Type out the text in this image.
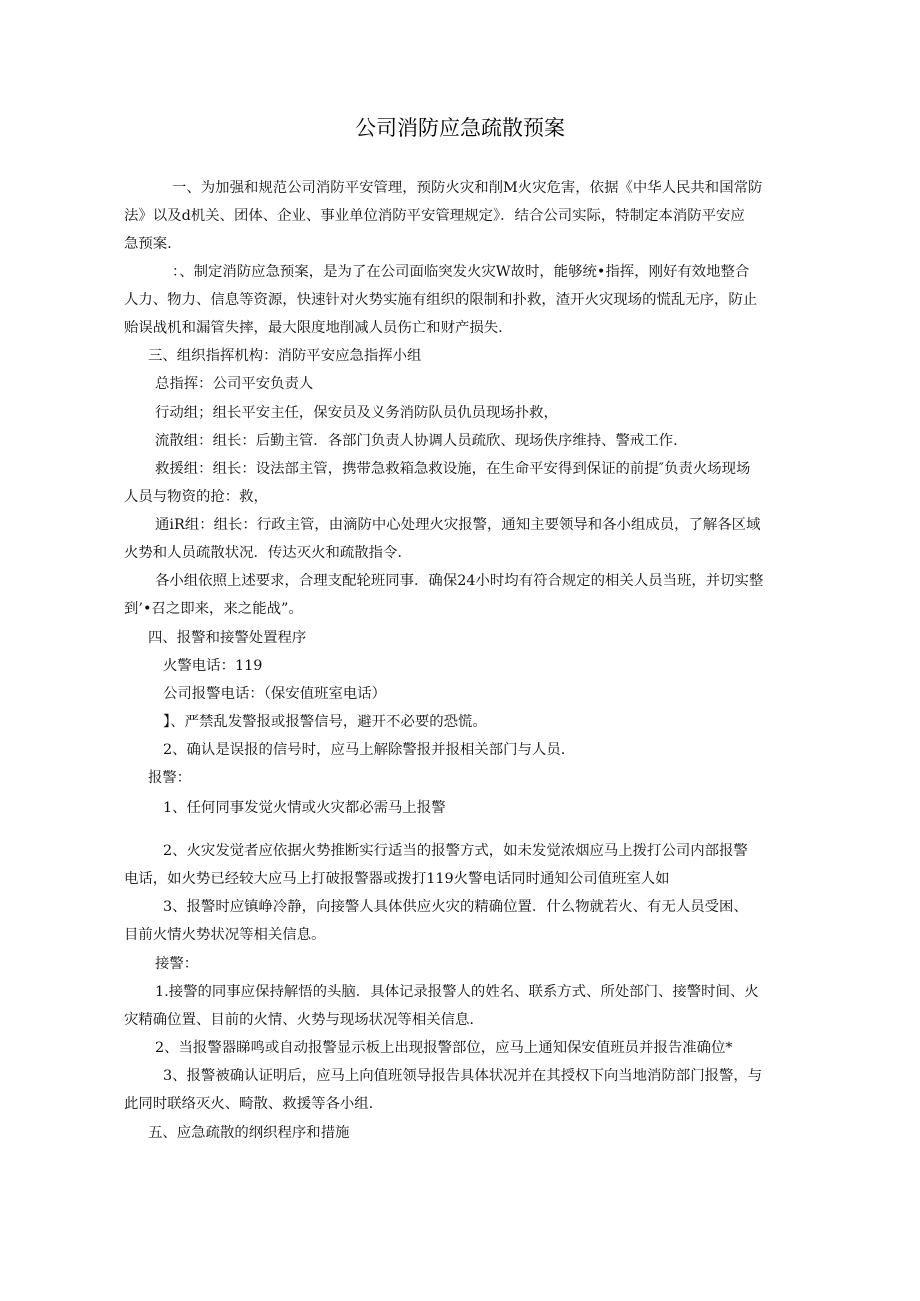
公司消防应急疏散预案

一、为加强和规范公司消防平安管理，预防火灾和削M火灾危害，依据《中华人民共和国常防

法》以及d机关、团体、企业、事业单位消防平安管理规定》．结合公司实际，特制定本消防平安应

急预案.

：、制定消防应急预案，是为了在公司面临突发火灾W故时，能够统•指挥，刚好有效地整合

人力、物力、信息等资源，快速针对火势实施有组织的限制和扑救，渣开火灾现场的慌乱无序，防止

贻误战机和漏管失摔，最大限度地削减人员伤亡和财产损失.

三、组织指挥机构：消防平安应急指挥小组

总指挥：公司平安负责人

行动组；组长平安主任，保安员及义务消防队员仇员现场扑救，

流散组：组长：后勤主管．各部门负责人协调人员疏欣、现场佚序维持、警戒工作.

救援组：组长：设法部主管，携带急救箱急救设施，在生命平安得到保证的前提″负责火场现场

人员与物资的抢：救，

通iR组：组长：行政主管，由滴防中心处理火灾报警，通知主要领导和各小组成员，了解各区域

火势和人员疏散状况．传达灭火和疏散指令.

各小组依照上述要求，合理支配轮班同事．确保24小时均有符合规定的相关人员当班，并切实整

到’•召之即来，来之能战”。

四、报警和接警处置程序

火警电话：119

公司报警电话：（保安值班室电话）

】、严禁乱发警报或报警信号，避开不必要的恐慌。

2、确认是误报的信号时，应马上解除警报并报相关部门与人员.

报警：

1、任何同事发觉火情或火灾都必需马上报警

2、火灾发觉者应依据火势推断实行适当的报警方式，如未发觉浓烟应马上拨打公司内部报警

电话，如火势已经较大应马上打破报警器或拨打119火警电话同时通知公司值班室人如

3、报警时应镇峥冷静，向接警人具体供应火灾的精确位置．什么物就若火、有无人员受困、

目前火情火势状况等相关信息。

接警：

1.接警的同事应保持解悟的头脑．具体记录报警人的姓名、联系方式、所处部门、接警时间、火

灾精确位置、目前的火情、火势与现场状况等相关信息.

2、当报警器睇鸣或自动报警显示板上出现报警部位，应马上通知保安值班员并报告准确位*

3、报警被确认证明后，应马上向值班领导报告具体状况并在其授权下向当地消防部门报警，与

此同时联络灭火、畸散、救援等各小组.

五、应急疏散的纲织程序和措施
